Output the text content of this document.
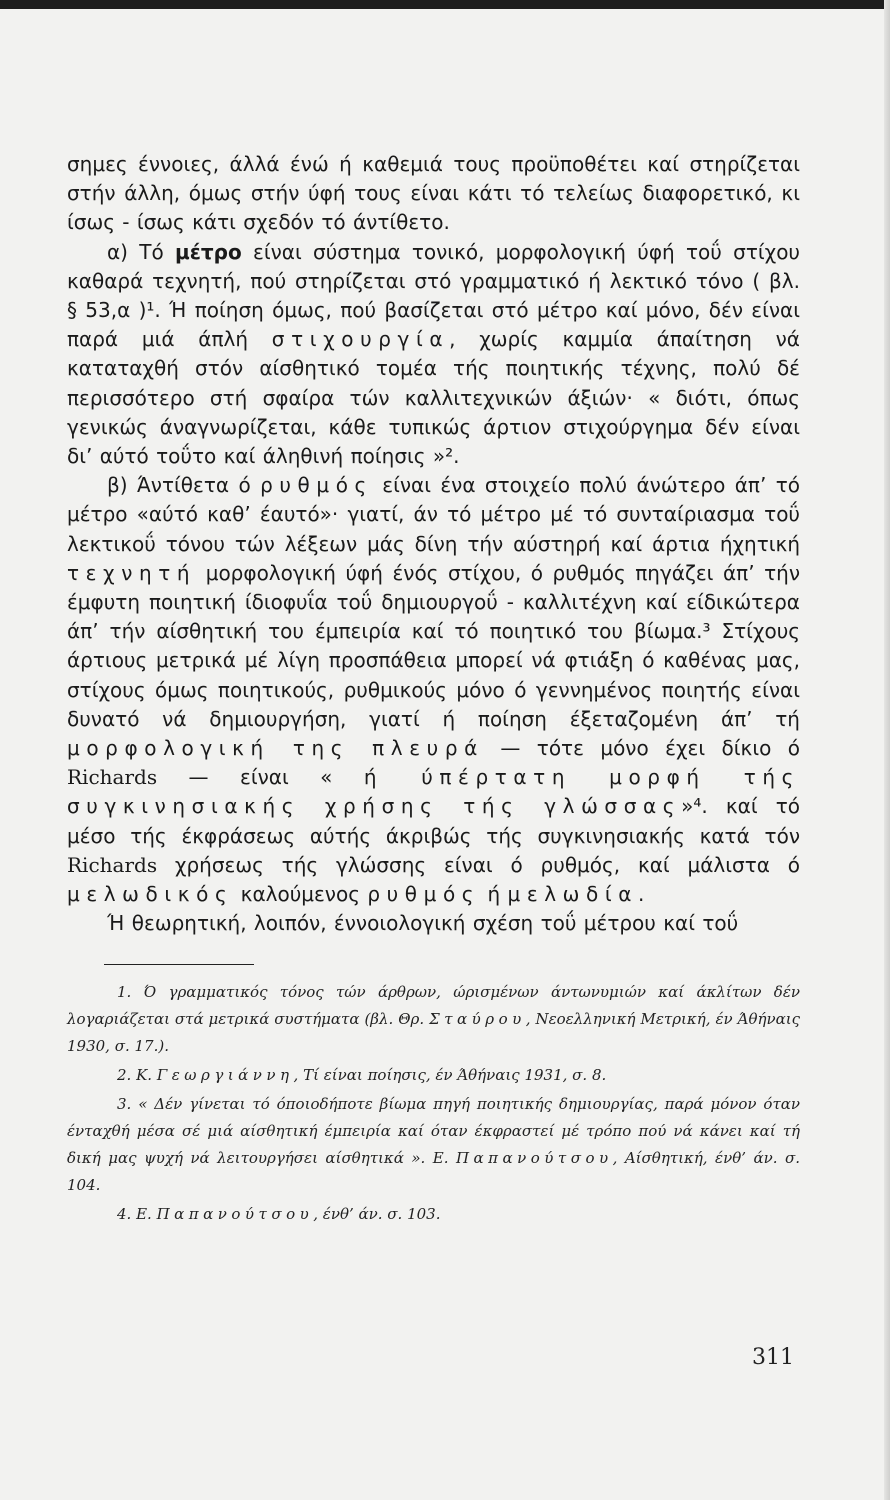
σημες έννοιες, άλλά ένώ ή καθεμιά τους προϋποθέτει καί στηρίζεται στήν άλλη, όμως στήν ύφή τους είναι κάτι τό τελείως διαφορετικό, κι ίσως - ίσως κάτι σχεδόν τό άντίθετο.

α) Τό μέτρο είναι σύστημα τονικό, μορφολογική ύφή τοΰ στίχου καθαρά τεχνητή, πού στηρίζεται στό γραμματικό ή λεκτικό τόνο ( βλ. § 53,α )¹. Ή ποίηση όμως, πού βασίζεται στό μέτρο καί μόνο, δέν είναι παρά μιά άπλή στιχουργία, χωρίς καμμία άπαίτηση νά καταταχθή στόν αίσθητικό τομέα τής ποιητικής τέχνης, πολύ δέ περισσότερο στή σφαίρα τών καλλιτεχνικών άξιών· « διότι, όπως γενικώς άναγνωρίζεται, κάθε τυπικώς άρτιον στιχούργημα δέν είναι δι’ αύτό τοΰτο καί άληθινή ποίησις »².

β) Άντίθετα ό ρυθμός είναι ένα στοιχείο πολύ άνώτερο άπ’ τό μέτρο «αύτό καθ’ έαυτό»· γιατί, άν τό μέτρο μέ τό συνταίριασμα τοΰ λεκτικοΰ τόνου τών λέξεων μάς δίνη τήν αύστηρή καί άρτια ήχητική τεχνητή μορφολογική ύφή ένός στίχου, ό ρυθμός πηγάζει άπ’ τήν έμφυτη ποιητική ίδιοφυΐα τοΰ δημιουργοΰ - καλλιτέχνη καί είδικώτερα άπ’ τήν αίσθητική του έμπειρία καί τό ποιητικό του βίωμα.³ Στίχους άρτιους μετρικά μέ λίγη προσπάθεια μπορεί νά φτιάξη ό καθένας μας, στίχους όμως ποιητικούς, ρυθμικούς μόνο ό γεννημένος ποιητής είναι δυνατό νά δημιουργήση, γιατί ή ποίηση έξεταζομένη άπ’ τή μορφολογική της πλευρά — τότε μόνο έχει δίκιο ό Richards — είναι « ή ύπέρτατη μορφή τής συγκινησιακής χρήσης τής γλώσσας»⁴. καί τό μέσο τής έκφράσεως αύτής άκριβώς τής συγκινησιακής κατά τόν Richards χρήσεως τής γλώσσης είναι ό ρυθμός, καί μάλιστα ό μελωδικός καλούμενος ρυθμός ή μελωδία.

Ή θεωρητική, λοιπόν, έννοιολογική σχέση τοΰ μέτρου καί τοΰ

1. Ό γραμματικός τόνος τών άρθρων, ώρισμένων άντωνυμιών καί άκλίτων δέν λογαριάζεται στά μετρικά συστήματα (βλ. Θρ. Σταύρου, Νεοελληνική Μετρική, έν Άθήναις 1930, σ. 17.).

2. Κ. Γεωργιάννη, Τί είναι ποίησις, έν Άθήναις 1931, σ. 8.

3. « Δέν γίνεται τό όποιοδήποτε βίωμα πηγή ποιητικής δημιουργίας, παρά μόνον όταν ένταχθή μέσα σέ μιά αίσθητική έμπειρία καί όταν έκφραστεί μέ τρόπο πού νά κάνει καί τή δική μας ψυχή νά λειτουργήσει αίσθητικά ». Ε. Παπανούτσου, Αίσθητική, ένθ’ άν. σ. 104.

4. Ε. Παπανούτσου, ένθ’ άν. σ. 103.

311
